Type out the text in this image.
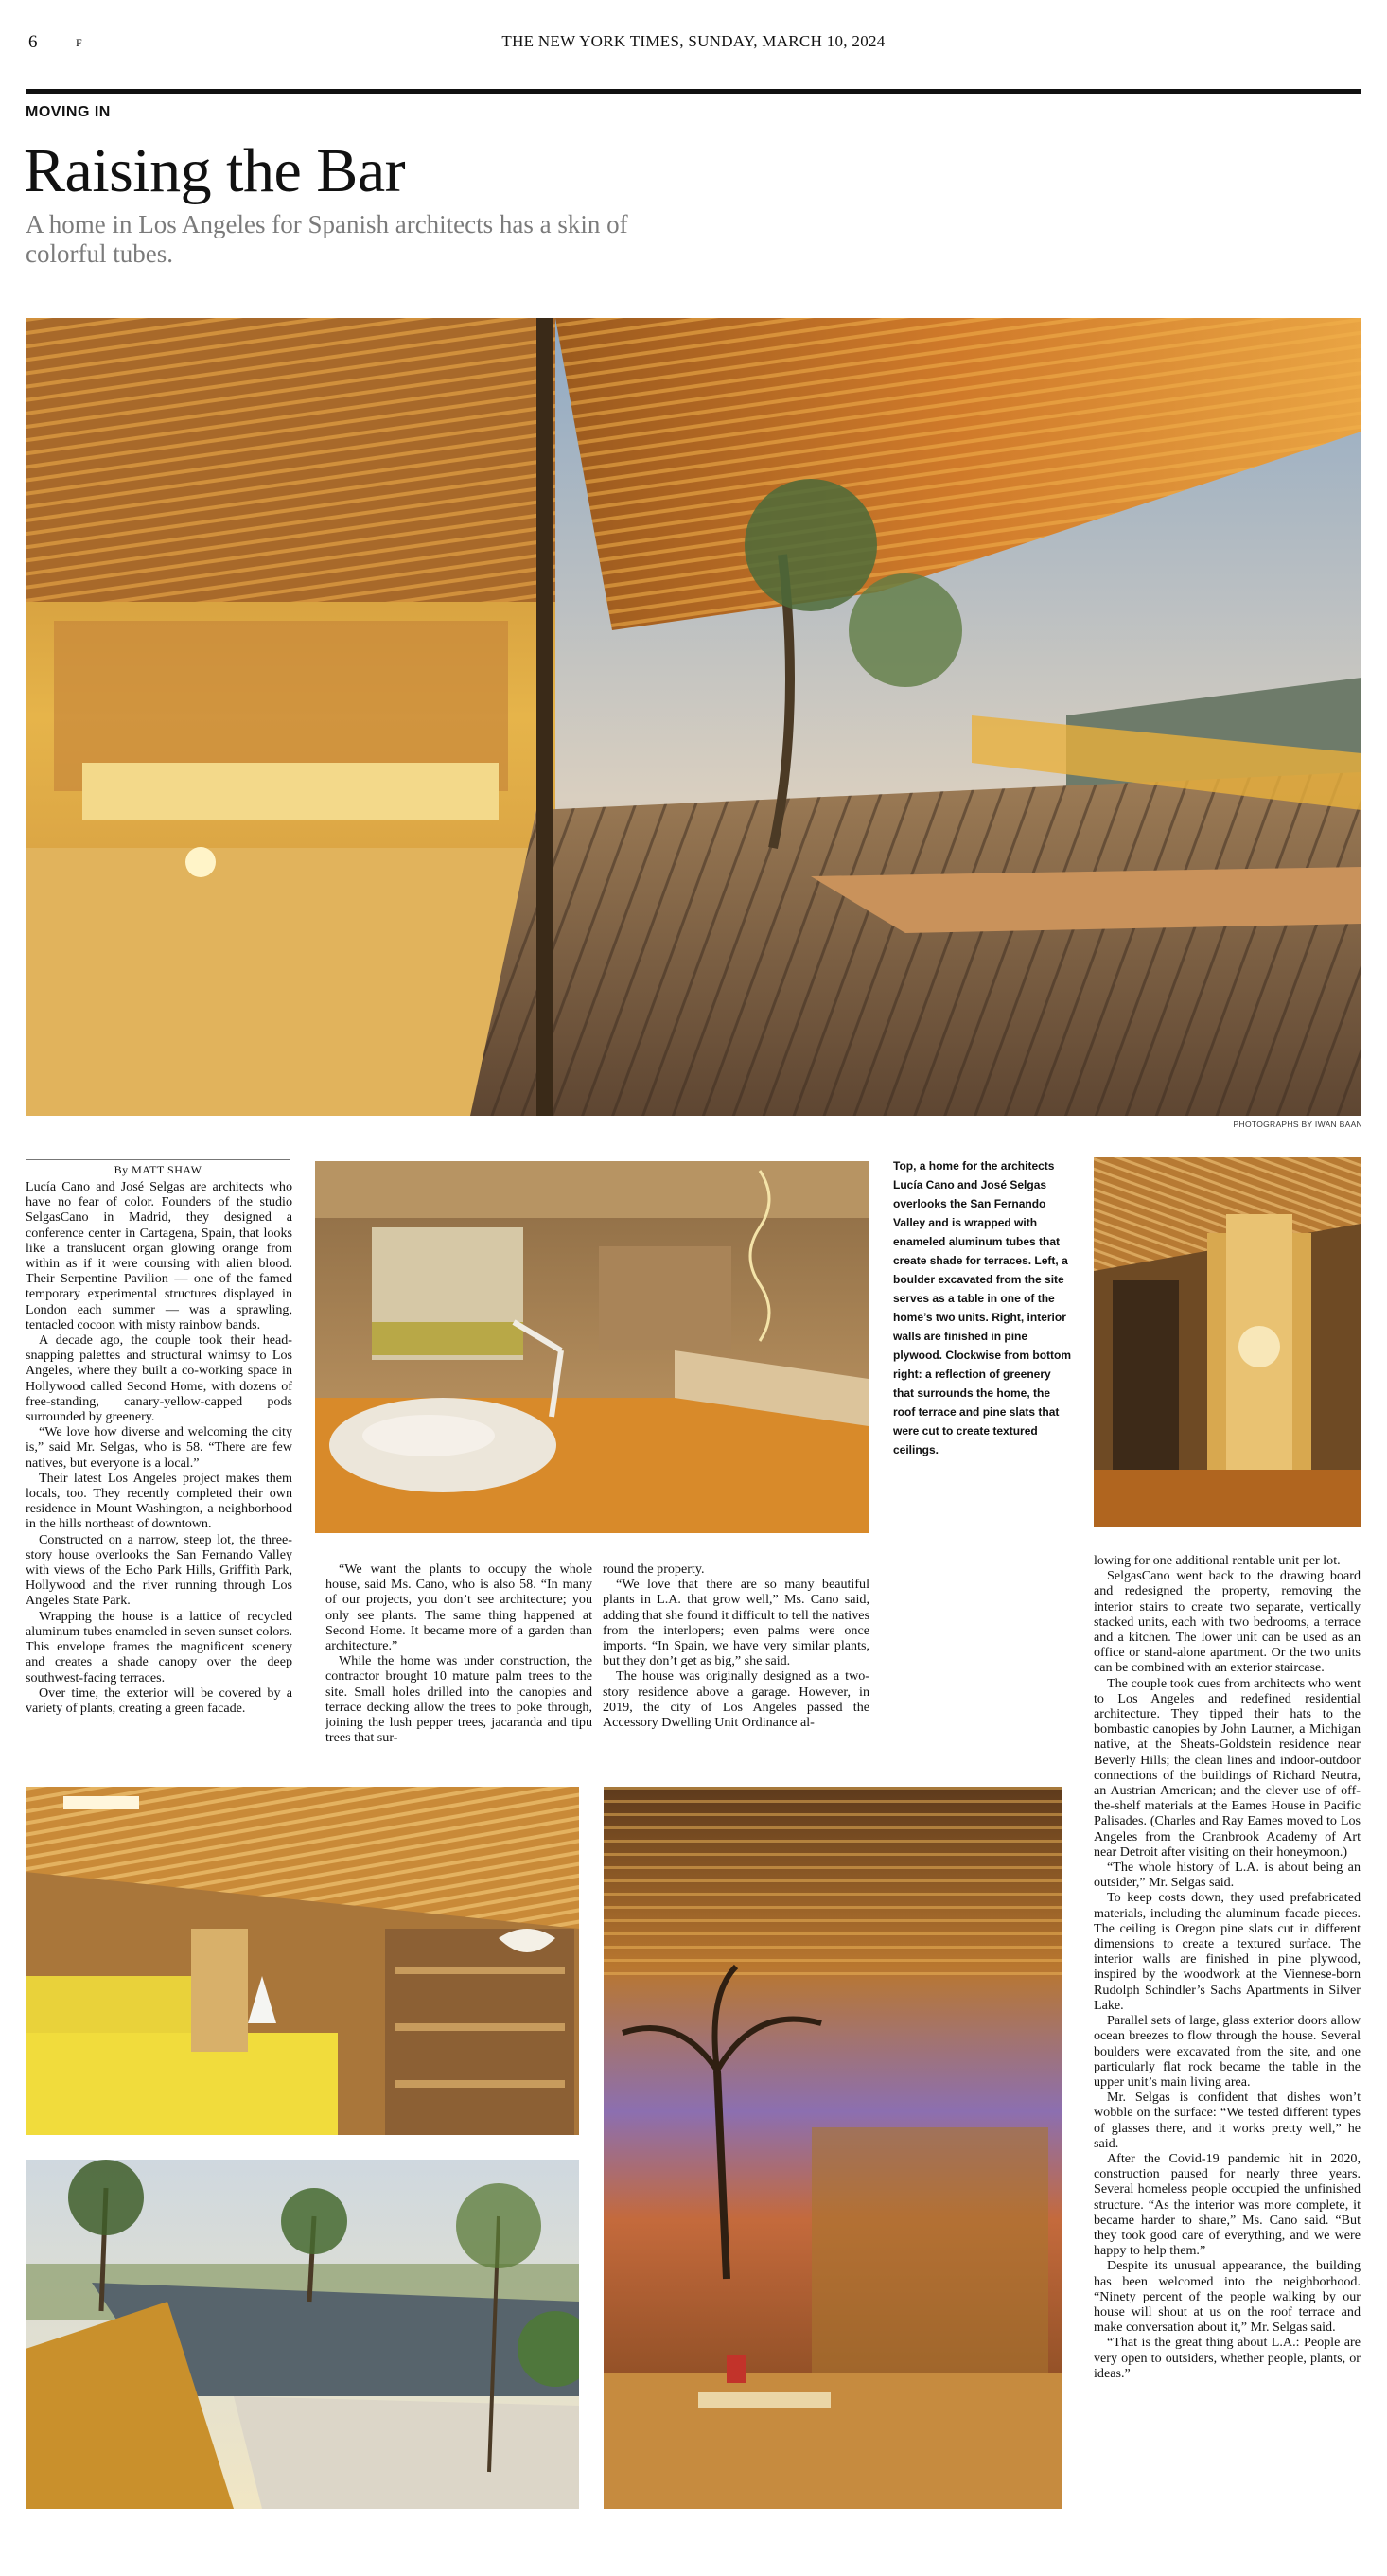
6	F	THE NEW YORK TIMES, SUNDAY, MARCH 10, 2024
MOVING IN
Raising the Bar
A home in Los Angeles for Spanish architects has a skin of colorful tubes.
PHOTOGRAPHS BY IWAN BAAN
By MATT SHAW

Lucía Cano and José Selgas are architects who have no fear of color. Founders of the studio SelgasCano in Madrid, they designed a conference center in Cartagena, Spain, that looks like a translucent organ glowing orange from within as if it were coursing with alien blood. Their Serpentine Pavilion — one of the famed temporary experimental structures displayed in London each summer — was a sprawling, tentacled cocoon with misty rainbow bands.

A decade ago, the couple took their head-snapping palettes and structural whimsy to Los Angeles, where they built a co-working space in Hollywood called Second Home, with dozens of free-standing, canary-yellow-capped pods surrounded by greenery.

“We love how diverse and welcoming the city is,” said Mr. Selgas, who is 58. “There are few natives, but everyone is a local.”

Their latest Los Angeles project makes them locals, too. They recently completed their own residence in Mount Washington, a neighborhood in the hills northeast of downtown.

Constructed on a narrow, steep lot, the three-story house overlooks the San Fernando Valley with views of the Echo Park Hills, Griffith Park, Hollywood and the river running through Los Angeles State Park.

Wrapping the house is a lattice of recycled aluminum tubes enameled in seven sunset colors. This envelope frames the magnificent scenery and creates a shade canopy over the deep southwest-facing terraces.

Over time, the exterior will be covered by a variety of plants, creating a green facade.

Top, a home for the architects Lucía Cano and José Selgas overlooks the San Fernando Valley and is wrapped with enameled aluminum tubes that create shade for terraces. Left, a boulder excavated from the site serves as a table in one of the home’s two units. Right, interior walls are finished in pine plywood. Clockwise from bottom right: a reflection of greenery that surrounds the home, the roof terrace and pine slats that were cut to create textured ceilings.

“We want the plants to occupy the whole house, said Ms. Cano, who is also 58. “In many of our projects, you don’t see architecture; you only see plants. The same thing happened at Second Home. It became more of a garden than architecture.”

While the home was under construction, the contractor brought 10 mature palm trees to the site. Small holes drilled into the canopies and terrace decking allow the trees to poke through, joining the lush pepper trees, jacaranda and tipu trees that sur-

round the property.

“We love that there are so many beautiful plants in L.A. that grow well,” Ms. Cano said, adding that she found it difficult to tell the natives from the interlopers; even palms were once imports. “In Spain, we have very similar plants, but they don’t get as big,” she said.

The house was originally designed as a two-story residence above a garage. However, in 2019, the city of Los Angeles passed the Accessory Dwelling Unit Ordinance al-

lowing for one additional rentable unit per lot.

SelgasCano went back to the drawing board and redesigned the property, removing the interior stairs to create two separate, vertically stacked units, each with two bedrooms, a terrace and a kitchen. The lower unit can be used as an office or stand-alone apartment. Or the two units can be combined with an exterior staircase.

The couple took cues from architects who went to Los Angeles and redefined residential architecture. They tipped their hats to the bombastic canopies by John Lautner, a Michigan native, at the Sheats-Goldstein residence near Beverly Hills; the clean lines and indoor-outdoor connections of the buildings of Richard Neutra, an Austrian American; and the clever use of off-the-shelf materials at the Eames House in Pacific Palisades. (Charles and Ray Eames moved to Los Angeles from the Cranbrook Academy of Art near Detroit after visiting on their honeymoon.)

“The whole history of L.A. is about being an outsider,” Mr. Selgas said.

To keep costs down, they used prefabricated materials, including the aluminum facade pieces. The ceiling is Oregon pine slats cut in different dimensions to create a textured surface. The interior walls are finished in pine plywood, inspired by the woodwork at the Viennese-born Rudolph Schindler’s Sachs Apartments in Silver Lake.

Parallel sets of large, glass exterior doors allow ocean breezes to flow through the house. Several boulders were excavated from the site, and one particularly flat rock became the table in the upper unit’s main living area.

Mr. Selgas is confident that dishes won’t wobble on the surface: “We tested different types of glasses there, and it works pretty well,” he said.

After the Covid-19 pandemic hit in 2020, construction paused for nearly three years. Several homeless people occupied the unfinished structure. “As the interior was more complete, it became harder to share,” Ms. Cano said. “But they took good care of everything, and we were happy to help them.”

Despite its unusual appearance, the building has been welcomed into the neighborhood. “Ninety percent of the people walking by our house will shout at us on the roof terrace and make conversation about it,” Mr. Selgas said.

“That is the great thing about L.A.: People are very open to outsiders, whether people, plants, or ideas.”
